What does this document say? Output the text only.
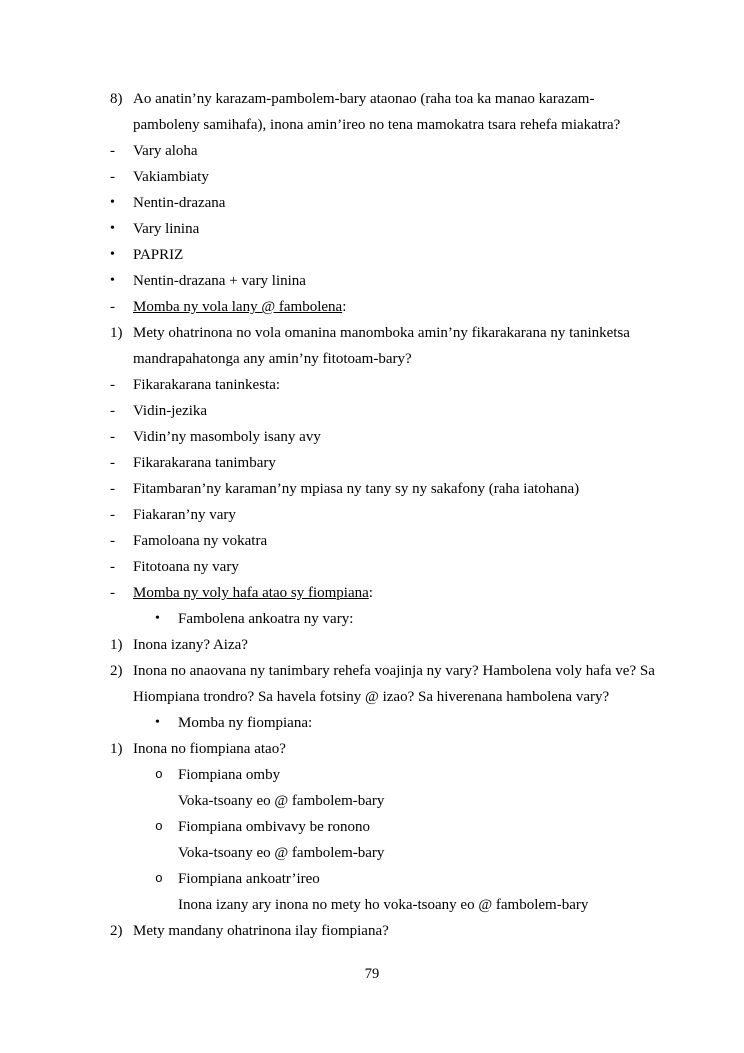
8) Ao anatin’ny karazam-pambolem-bary ataonao (raha toa ka manao karazam-
pamboleny samihafa), inona amin’ireo no tena mamokatra tsara rehefa miakatra?
-	Vary aloha
-	Vakiambiaty
•	Nentin-drazana
•	Vary linina
•	PAPRIZ
•	Nentin-drazana + vary linina
-	Momba ny vola lany @ fambolena :
1) Mety ohatrinona no vola omanina manomboka amin’ny fikarakarana ny taninketsa
mandrapahatonga any amin’ny fitotoam-bary?
-	Fikarakarana taninkesta:
-	Vidin-jezika
-	Vidin’ny masomboly isany avy
-	Fikarakarana tanimbary
-	Fitambaran’ny karaman’ny mpiasa ny tany sy ny sakafony (raha iatohana)
-	Fiakaran’ny vary
-	Famoloana ny vokatra
-	Fitotoana ny vary
-	Momba ny voly hafa atao sy fiompiana :
•	Fambolena ankoatra ny vary:
1) Inona izany? Aiza?
2) Inona no anaovana ny tanimbary rehefa voajinja ny vary? Hambolena voly hafa ve? Sa
Hiompiana trondro? Sa havela fotsiny @ izao? Sa hiverenana hambolena vary?
•	Momba ny fiompiana:
1) Inona no fiompiana atao?
o	Fiompiana omby
Voka-tsoany eo @ fambolem-bary
o	Fiompiana ombivavy be ronono
Voka-tsoany eo @ fambolem-bary
o	Fiompiana ankoatr’ireo
Inona izany ary inona no mety ho voka-tsoany eo @ fambolem-bary
2) Mety mandany ohatrinona ilay fiompiana?
79
